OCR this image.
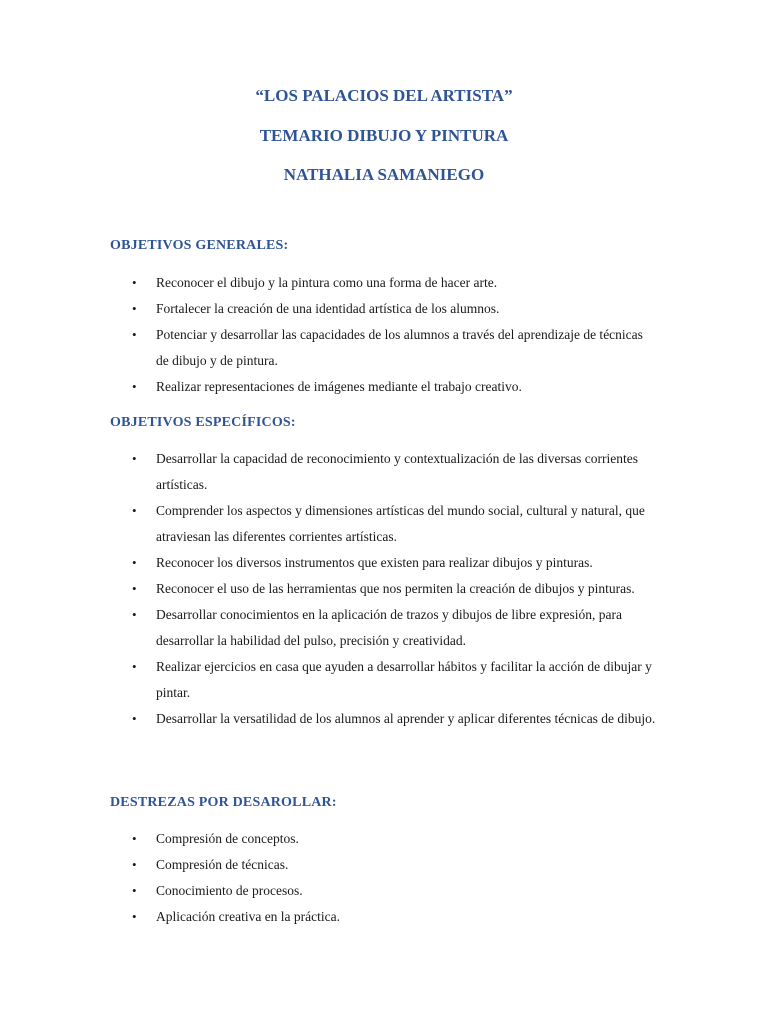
“LOS PALACIOS DEL ARTISTA”

TEMARIO DIBUJO Y PINTURA

NATHALIA SAMANIEGO

OBJETIVOS GENERALES:
• Reconocer el dibujo y la pintura como una forma de hacer arte.
• Fortalecer la creación de una identidad artística de los alumnos.
• Potenciar y desarrollar las capacidades de los alumnos a través del aprendizaje de técnicas de dibujo y de pintura.
• Realizar representaciones de imágenes mediante el trabajo creativo.
OBJETIVOS ESPECÍFICOS:
• Desarrollar la capacidad de reconocimiento y contextualización de las diversas corrientes artísticas.
• Comprender los aspectos y dimensiones artísticas del mundo social, cultural y natural, que atraviesan las diferentes corrientes artísticas.
• Reconocer los diversos instrumentos que existen para realizar dibujos y pinturas.
• Reconocer el uso de las herramientas que nos permiten la creación de dibujos y pinturas.
• Desarrollar conocimientos en la aplicación de trazos y dibujos de libre expresión, para desarrollar la habilidad del pulso, precisión y creatividad.
• Realizar ejercicios en casa que ayuden a desarrollar hábitos y facilitar la acción de dibujar y pintar.
• Desarrollar la versatilidad de los alumnos al aprender y aplicar diferentes técnicas de dibujo.
DESTREZAS POR DESAROLLAR:
• Compresión de conceptos.
• Compresión de técnicas.
• Conocimiento de procesos.
• Aplicación creativa en la práctica.
